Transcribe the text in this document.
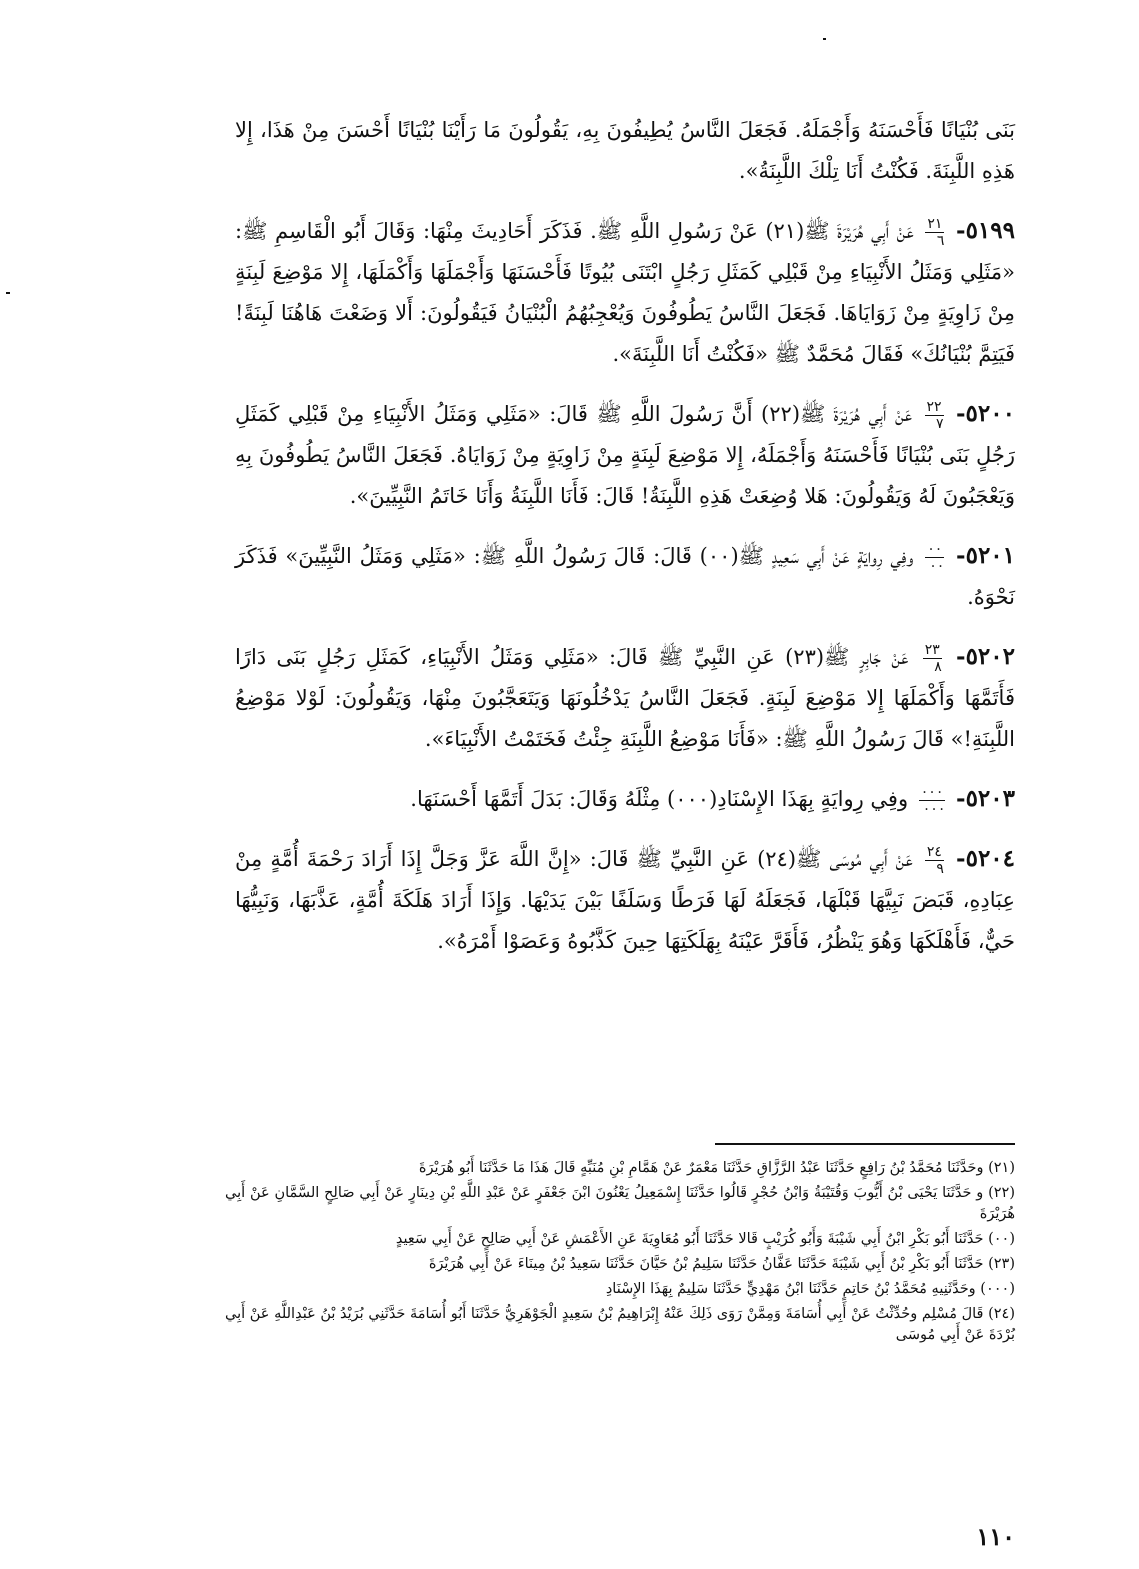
بَنَى بُنْيَانًا فَأَحْسَنَهُ وَأَجْمَلَهُ. فَجَعَلَ النَّاسُ يُطِيفُونَ بِهِ، يَقُولُونَ مَا رَأَيْنَا بُنْيَانًا أَحْسَنَ مِنْ هَذَا، إِلا هَذِهِ اللَّبِنَةَ. فَكُنْتُ أَنَا تِلْكَ اللَّبِنَةُ».

٥١٩٩-
$\frac{٢١}{٦}$
عَنْ أَبِي هُرَيْرَةَ ﷺ(٢١) عَنْ رَسُولِ اللَّهِ ﷺ. فَذَكَرَ أَحَادِيثَ مِنْهَا: وَقَالَ أَبُو الْقَاسِمِ ﷺ: «مَثَلِي وَمَثَلُ الأَنْبِيَاءِ مِنْ قَبْلِي كَمَثَلِ رَجُلٍ ابْتَنَى بُيُوتًا فَأَحْسَنَهَا وَأَجْمَلَهَا وَأَكْمَلَهَا، إِلا مَوْضِعَ لَبِنَةٍ مِنْ زَاوِيَةٍ مِنْ زَوَايَاهَا. فَجَعَلَ النَّاسُ يَطُوفُونَ وَيُعْجِبُهُمُ الْبُنْيَانُ فَيَقُولُونَ: أَلا وَضَعْتَ هَاهُنَا لَبِنَةً! فَيَتِمَّ بُنْيَانُكَ» فَقَالَ مُحَمَّدٌ ﷺ «فَكُنْتُ أَنَا اللَّبِنَةَ».

٥٢٠٠-
$\frac{٢٢}{٧}$
عَنْ أَبِي هُرَيْرَةَ ﷺ(٢٢) أَنَّ رَسُولَ اللَّهِ ﷺ قَالَ: «مَثَلِي وَمَثَلُ الأَنْبِيَاءِ مِنْ قَبْلِي كَمَثَلِ رَجُلٍ بَنَى بُنْيَانًا فَأَحْسَنَهُ وَأَجْمَلَهُ، إِلا مَوْضِعَ لَبِنَةٍ مِنْ زَاوِيَةٍ مِنْ زَوَايَاهُ. فَجَعَلَ النَّاسُ يَطُوفُونَ بِهِ وَيَعْجَبُونَ لَهُ وَيَقُولُونَ: هَلا وُضِعَتْ هَذِهِ اللَّبِنَةُ! قَالَ: فَأَنَا اللَّبِنَةُ وَأَنَا خَاتَمُ النَّبِيِّينَ».

٥٢٠١-
$\frac{٠٠}{٠٠}$
وفِي رِوايَةٍ عَنْ أَبِي سَعِيدٍ ﷺ(٠٠) قَالَ: قَالَ رَسُولُ اللَّهِ ﷺ: «مَثَلِي وَمَثَلُ النَّبِيِّينَ» فَذَكَرَ نَحْوَهُ.

٥٢٠٢-
$\frac{٢٣}{٨}$
عَنْ جَابِرٍ ﷺ(٢٣) عَنِ النَّبِيِّ ﷺ قَالَ: «مَثَلِي وَمَثَلُ الأَنْبِيَاءِ، كَمَثَلِ رَجُلٍ بَنَى دَارًا فَأَتَمَّهَا وَأَكْمَلَهَا إِلا مَوْضِعَ لَبِنَةٍ. فَجَعَلَ النَّاسُ يَدْخُلُونَهَا وَيَتَعَجَّبُونَ مِنْهَا، وَيَقُولُونَ: لَوْلا مَوْضِعُ اللَّبِنَةِ!» قَالَ رَسُولُ اللَّهِ ﷺ: «فَأَنَا مَوْضِعُ اللَّبِنَةِ جِئْتُ فَخَتَمْتُ الأَنْبِيَاءَ».

٥٢٠٣-
$\frac{٠٠٠}{٠٠٠}$
وفِي رِوايَةٍ بِهَذَا الإِسْنَادِ(٠٠٠) مِثْلَهُ وَقَالَ: بَدَلَ أَتَمَّهَا أَحْسَنَهَا.

٥٢٠٤-
$\frac{٢٤}{٩}$
عَنْ أَبِي مُوسَى ﷺ(٢٤) عَنِ النَّبِيِّ ﷺ قَالَ: «إِنَّ اللَّهَ عَزَّ وَجَلَّ إِذَا أَرَادَ رَحْمَةَ أُمَّةٍ مِنْ عِبَادِهِ، قَبَضَ نَبِيَّهَا قَبْلَهَا، فَجَعَلَهُ لَهَا فَرَطًا وَسَلَفًا بَيْنَ يَدَيْهَا. وَإِذَا أَرَادَ هَلَكَةَ أُمَّةٍ، عَذَّبَهَا، وَنَبِيُّهَا حَيٌّ، فَأَهْلَكَهَا وَهُوَ يَنْظُرُ، فَأَقَرَّ عَيْنَهُ بِهَلَكَتِهَا حِينَ كَذَّبُوهُ وَعَصَوْا أَمْرَهُ».

(٢١) وحَدَّثَنَا مُحَمَّدُ بْنُ رَافِعٍ حَدَّثَنَا عَبْدُ الرَّزَّاقِ حَدَّثَنَا مَعْمَرٌ عَنْ هَمَّامِ بْنِ مُنَبِّهٍ قَالَ هَذَا مَا حَدَّثَنَا أَبُو هُرَيْرَةَ

(٢٢) و حَدَّثَنَا يَحْيَى بْنُ أَيُّوبَ وَقُتَيْبَةُ وَابْنُ حُجْرٍ قَالُوا حَدَّثَنَا إِسْمَعِيلُ يَعْنُونَ ابْنَ جَعْفَرٍ عَنْ عَبْدِ اللَّهِ بْنِ دِينَارٍ عَنْ أَبِي صَالِحٍ السَّمَّانِ عَنْ أَبِي هُرَيْرَةَ

(٠٠) حَدَّثَنَا أَبُو بَكْرِ ابْنُ أَبِي شَيْبَةَ وَأَبُو كُرَيْبٍ قَالا حَدَّثَنَا أَبُو مُعَاوِيَةَ عَنِ الأَعْمَشِ عَنْ أَبِي صَالِحٍ عَنْ أَبِي سَعِيدٍ

(٢٣) حَدَّثَنَا أَبُو بَكْرِ بْنُ أَبِي شَيْبَةَ حَدَّثَنَا عَفَّانُ حَدَّثَنَا سَلِيمُ بْنُ حَيَّانَ حَدَّثَنَا سَعِيدُ بْنُ مِينَاءَ عَنْ أَبِي هُرَيْرَةَ

(٠٠٠) وحَدَّثَنِيهِ مُحَمَّدُ بْنُ حَاتِمٍ حَدَّثَنَا ابْنُ مَهْدِيٍّ حَدَّثَنَا سَلِيمٌ بِهَذَا الإِسْنَادِ

(٢٤) قَالَ مُسْلِم وحُدِّثْتُ عَنْ أَبِي أُسَامَةَ وَمِمَّنْ رَوَى ذَلِكَ عَنْهُ إِبْرَاهِيمُ بْنُ سَعِيدٍ الْجَوْهَرِيُّ حَدَّثَنَا أَبُو أُسَامَةَ حَدَّثَنِي بُرَيْدُ بْنُ عَبْدِاللَّهِ عَنْ أَبِي بُرْدَةَ عَنْ أَبِي مُوسَى

١١٠
